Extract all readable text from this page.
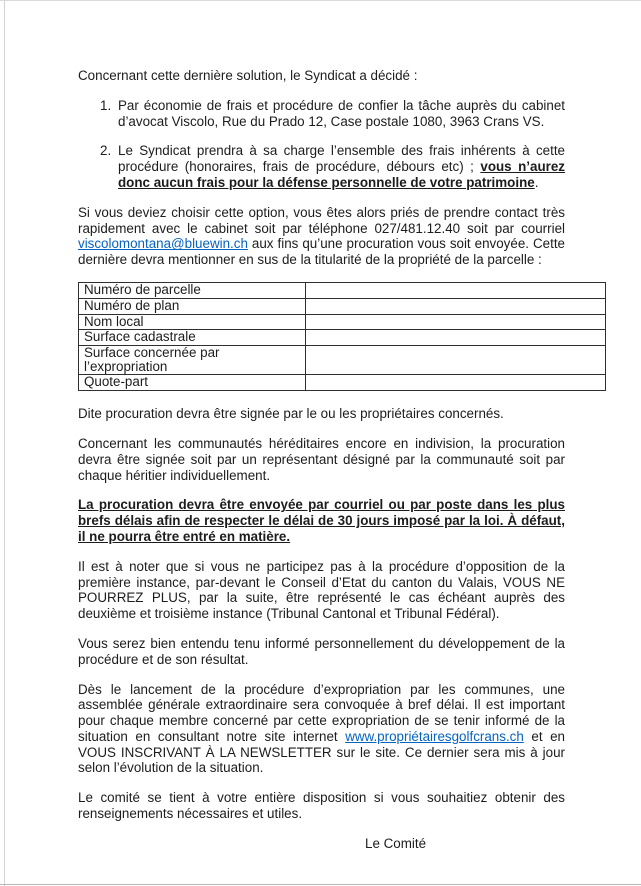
Concernant cette dernière solution, le Syndicat a décidé :

1. Par économie de frais et procédure de confier la tâche auprès du cabinet d’avocat Viscolo, Rue du Prado 12, Case postale 1080, 3963 Crans VS.
2. Le Syndicat prendra à sa charge l’ensemble des frais inhérents à cette procédure (honoraires, frais de procédure, débours etc) ; vous n’aurez donc aucun frais pour la défense personnelle de votre patrimoine.

Si vous deviez choisir cette option, vous êtes alors priés de prendre contact très rapidement avec le cabinet soit par téléphone 027/481.12.40 soit par courriel viscolomontana@bluewin.ch aux fins qu’une procuration vous soit envoyée. Cette dernière devra mentionner en sus de la titularité de la propriété de la parcelle :

Numéro de parcelle	
Numéro de plan	
Nom local	
Surface cadastrale	
Surface concernée par l’expropriation	
Quote-part	

Dite procuration devra être signée par le ou les propriétaires concernés.

Concernant les communautés héréditaires encore en indivision, la procuration devra être signée soit par un représentant désigné par la communauté soit par chaque héritier individuellement.

La procuration devra être envoyée par courriel ou par poste dans les plus brefs délais afin de respecter le délai de 30 jours imposé par la loi. À défaut, il ne pourra être entré en matière.

Il est à noter que si vous ne participez pas à la procédure d’opposition de la première instance, par-devant le Conseil d’Etat du canton du Valais, VOUS NE POURREZ PLUS, par la suite, être représenté le cas échéant auprès des deuxième et troisième instance (Tribunal Cantonal et Tribunal Fédéral).

Vous serez bien entendu tenu informé personnellement du développement de la procédure et de son résultat.

Dès le lancement de la procédure d’expropriation par les communes, une assemblée générale extraordinaire sera convoquée à bref délai. Il est important pour chaque membre concerné par cette expropriation de se tenir informé de la situation en consultant notre site internet www.propriétairesgolfcrans.ch et en VOUS INSCRIVANT À LA NEWSLETTER sur le site. Ce dernier sera mis à jour selon l’évolution de la situation.

Le comité se tient à votre entière disposition si vous souhaitiez obtenir des renseignements nécessaires et utiles.

Le Comité
